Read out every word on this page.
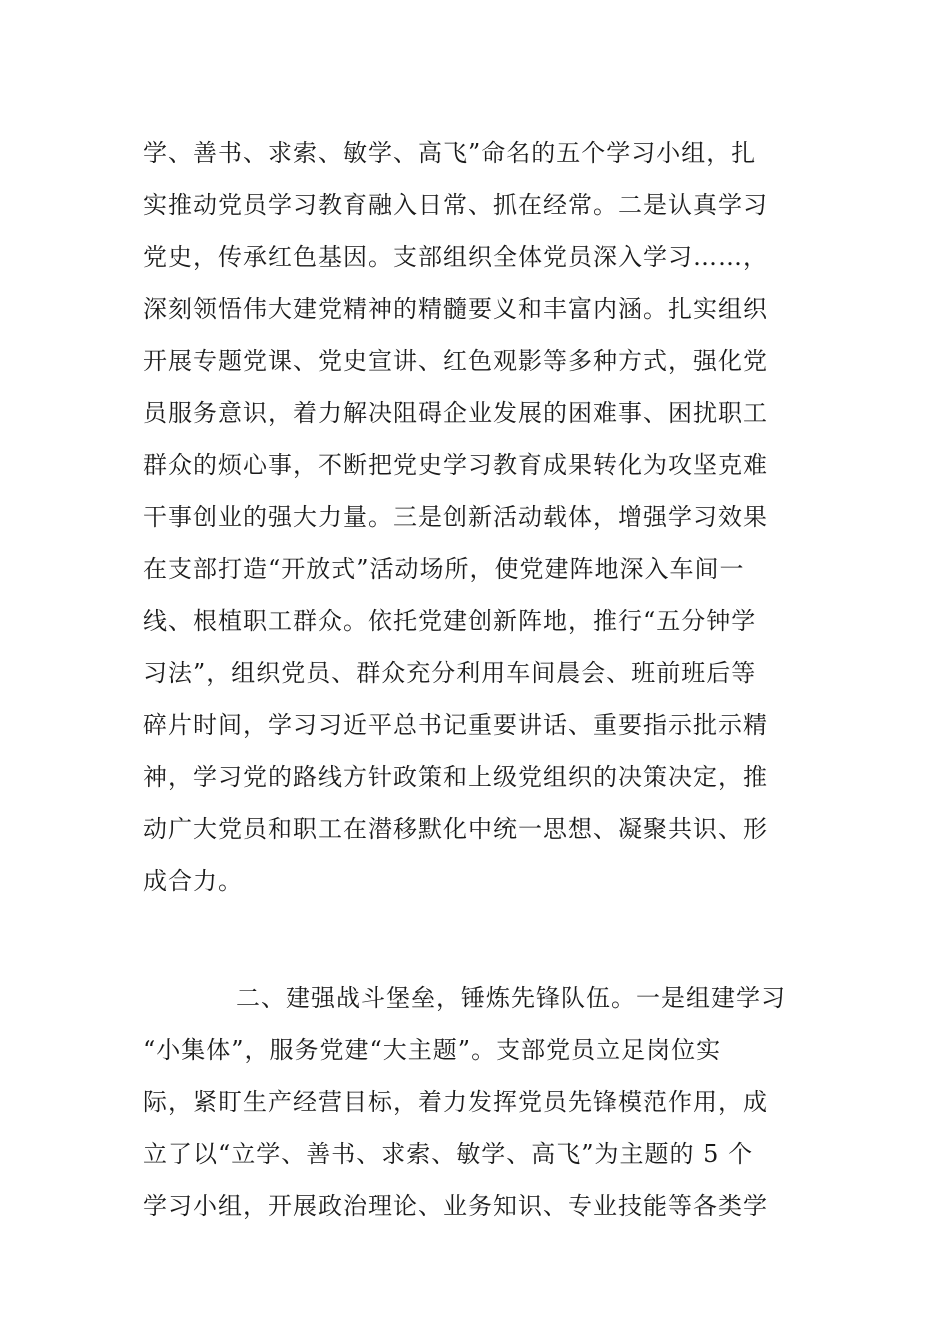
学、善书、求索、敏学、高飞”命名的五个学习小组，扎
实推动党员学习教育融入日常、抓在经常。二是认真学习
党史，传承红色基因。支部组织全体党员深入学习……，
深刻领悟伟大建党精神的精髓要义和丰富内涵。扎实组织
开展专题党课、党史宣讲、红色观影等多种方式，强化党
员服务意识，着力解决阻碍企业发展的困难事、困扰职工
群众的烦心事，不断把党史学习教育成果转化为攻坚克难
干事创业的强大力量。三是创新活动载体，增强学习效果
在支部打造“开放式”活动场所，使党建阵地深入车间一
线、根植职工群众。依托党建创新阵地，推行“五分钟学
习法”，组织党员、群众充分利用车间晨会、班前班后等
碎片时间，学习习近平总书记重要讲话、重要指示批示精
神，学习党的路线方针政策和上级党组织的决策决定，推
动广大党员和职工在潜移默化中统一思想、凝聚共识、形
成合力。
二、建强战斗堡垒，锤炼先锋队伍。一是组建学习
“小集体”，服务党建“大主题”。支部党员立足岗位实
际，紧盯生产经营目标，着力发挥党员先锋模范作用，成
立了以“立学、善书、求索、敏学、高飞”为主题的 5 个
学习小组，开展政治理论、业务知识、专业技能等各类学
